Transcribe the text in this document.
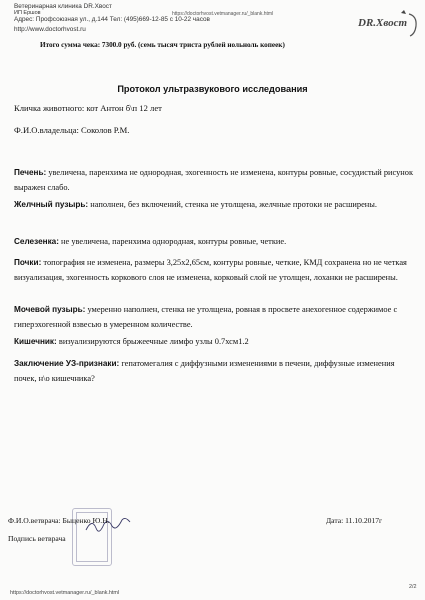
Ветеринарная клиника DR.Хвост
ИП Ершов
Адрес: Профсоюзная ул., д.144 Тел: (495)669-12-85 с 10-22 часов
http://www.doctorhvost.ru
https://doctorhvost.vetmanager.ru/_blank.html
DR.Хвост
Итого сумма чека: 7300.0 руб. (семь тысяч триста рублей нольноль копеек)
Протокол ультразвукового исследования
Кличка животного: кот Антон б\п 12 лет
Ф.И.О.владельца: Соколов Р.М.
Печень: увеличена, паренхима не однородная, эхогенность не изменена, контуры ровные, сосудистый рисунок выражен слабо.
Желчный пузырь: наполнен, без включений, стенка не утолщена, желчные протоки не расширены.
Селезенка: не увеличена, паренхима однородная, контуры ровные, четкие.
Почки: топография не изменена, размеры 3,25х2,65см, контуры ровные, четкие, КМД сохранена но не четкая визуализация, эхогенность коркового слоя не изменена, корковый слой не утолщен, лоханки не расширены.
Мочевой пузырь: умеренно наполнен, стенка не утолщена, ровная в просвете анехогенное содержимое с гиперэхогенной взвесью в умеренном количестве.
Кишечник: визуализируются брыжеечные лимфо узлы 0.7хсм1.2
Заключение УЗ-признаки: гепатомегалия с диффузными изменениями в печени, диффузные изменения почек, н\о кишечника?
Ф.И.О.ветврача: Быценко Ю.Н.	Дата: 11.10.2017г
Подпись ветврача
https://doctorhvost.vetmanager.ru/_blank.html
2/2
